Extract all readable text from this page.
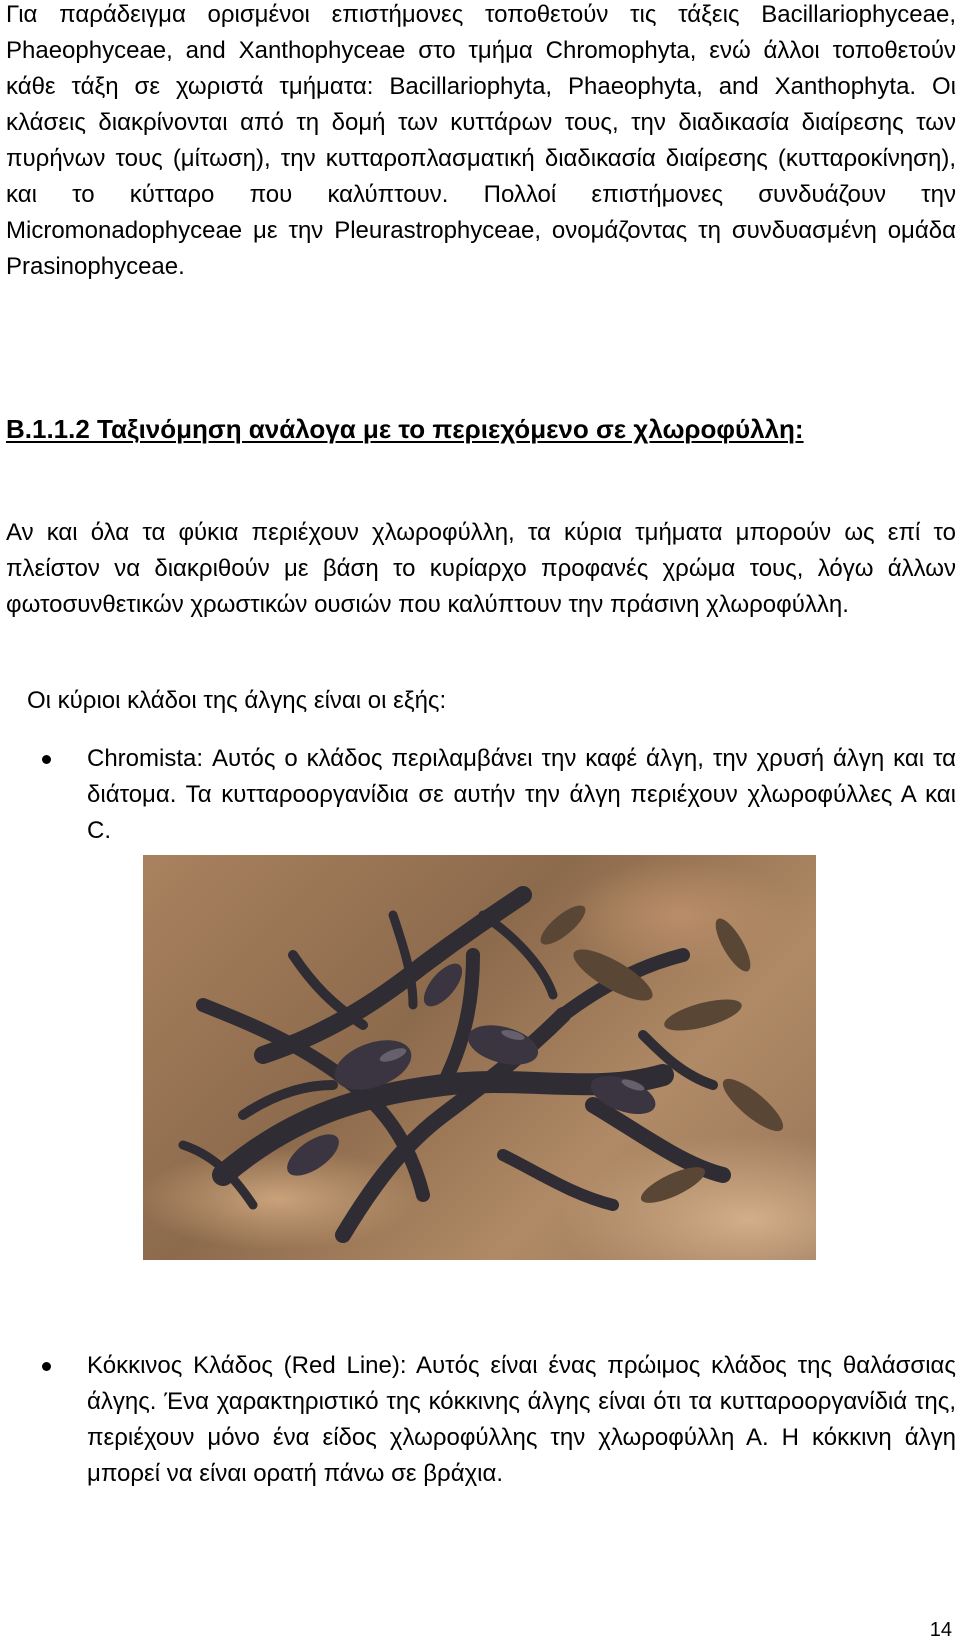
Για παράδειγμα ορισμένοι επιστήμονες τοποθετούν τις τάξεις Bacillariophyceae, Phaeophyceae, and Xanthophyceae στο τμήμα Chromophyta, ενώ άλλοι τοποθετούν κάθε τάξη σε χωριστά τμήματα: Bacillariophyta, Phaeophyta, and Xanthophyta. Οι κλάσεις διακρίνονται από τη δομή των κυττάρων τους, την διαδικασία διαίρεσης των πυρήνων τους (μίτωση), την κυτταροπλασματική διαδικασία διαίρεσης (κυτταροκίνηση), και το κύτταρο που καλύπτουν. Πολλοί επιστήμονες συνδυάζουν την Micromonadophyceae με την Pleurastrophyceae, ονομάζοντας τη συνδυασμένη ομάδα Prasinophyceae.

B.1.1.2 Ταξινόμηση ανάλογα με το περιεχόμενο σε χλωροφύλλη:

Αν και όλα τα φύκια περιέχουν χλωροφύλλη, τα κύρια τμήματα μπορούν ως επί το πλείστον να διακριθούν με βάση το κυρίαρχο προφανές χρώμα τους, λόγω άλλων φωτοσυνθετικών χρωστικών ουσιών που καλύπτουν την πράσινη χλωροφύλλη.

Οι κύριοι κλάδοι της άλγης είναι οι εξής:

Chromista: Αυτός ο κλάδος περιλαμβάνει την καφέ άλγη, την χρυσή άλγη και τα διάτομα. Τα κυτταροοργανίδια σε αυτήν την άλγη περιέχουν χλωροφύλλες Α και C.

Κόκκινος Κλάδος (Red Line): Αυτός είναι ένας πρώιμος κλάδος της θαλάσσιας άλγης. Ένα χαρακτηριστικό της κόκκινης άλγης είναι ότι τα κυτταροοργανίδιά της, περιέχουν μόνο ένα είδος χλωροφύλλης την χλωροφύλλη Α. Η κόκκινη άλγη μπορεί να είναι ορατή πάνω σε βράχια.

14
